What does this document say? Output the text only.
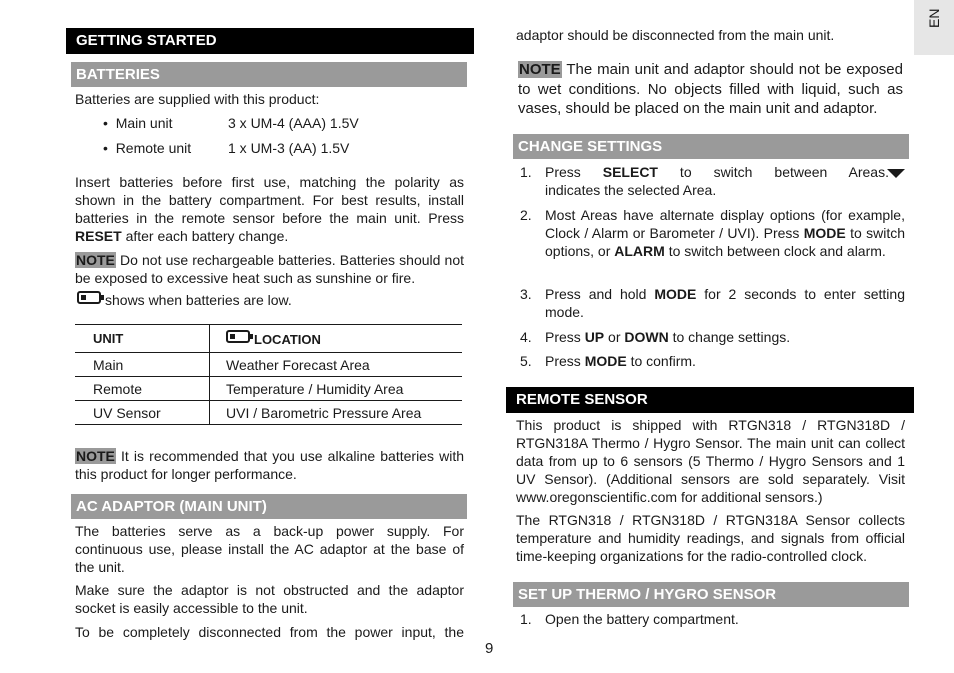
EN
GETTING STARTED
BATTERIES
Batteries are supplied with this product:
•  Main unit	3 x UM-4 (AAA) 1.5V
•  Remote unit	1 x UM-3 (AA) 1.5V
Insert batteries before first use, matching the polarity as shown in the battery compartment. For best results, install batteries in the remote sensor before the main unit. Press RESET after each battery change.
NOTE Do not use rechargeable batteries. Batteries should not be exposed to excessive heat such as sunshine or fire.
shows when batteries are low.
UNIT	LOCATION
Main	Weather Forecast Area
Remote	Temperature / Humidity Area
UV Sensor	UVI / Barometric Pressure Area
NOTE It is recommended that you use alkaline batteries with this product for longer performance.
AC ADAPTOR (MAIN UNIT)
The batteries serve as a back-up power supply. For continuous use, please install the AC adaptor at the base of the unit.
Make sure the adaptor is not obstructed and the adaptor socket is easily accessible to the unit.
To be completely disconnected from the power input, the
adaptor should be disconnected from the main unit.
NOTE The main unit and adaptor should not be exposed to wet conditions. No objects filled with liquid, such as vases, should be placed on the main unit and adaptor.
CHANGE SETTINGS
1. Press SELECT to switch between Areas.
indicates the selected Area.
2. Most Areas have alternate display options (for example, Clock / Alarm or Barometer / UVI). Press MODE to switch options, or ALARM to switch between clock and alarm.
3. Press and hold MODE for 2 seconds to enter setting mode.
4. Press UP or DOWN to change settings.
5. Press MODE to confirm.
REMOTE SENSOR
This product is shipped with RTGN318 / RTGN318D / RTGN318A Thermo / Hygro Sensor. The main unit can collect data from up to 6 sensors (5 Thermo / Hygro Sensors and 1 UV Sensor). (Additional sensors are sold separately. Visit www.oregonscientific.com for additional sensors.)
The RTGN318 / RTGN318D / RTGN318A Sensor collects temperature and humidity readings, and signals from official time-keeping organizations for the radio-controlled clock.
SET UP THERMO / HYGRO SENSOR
1. Open the battery compartment.
9
